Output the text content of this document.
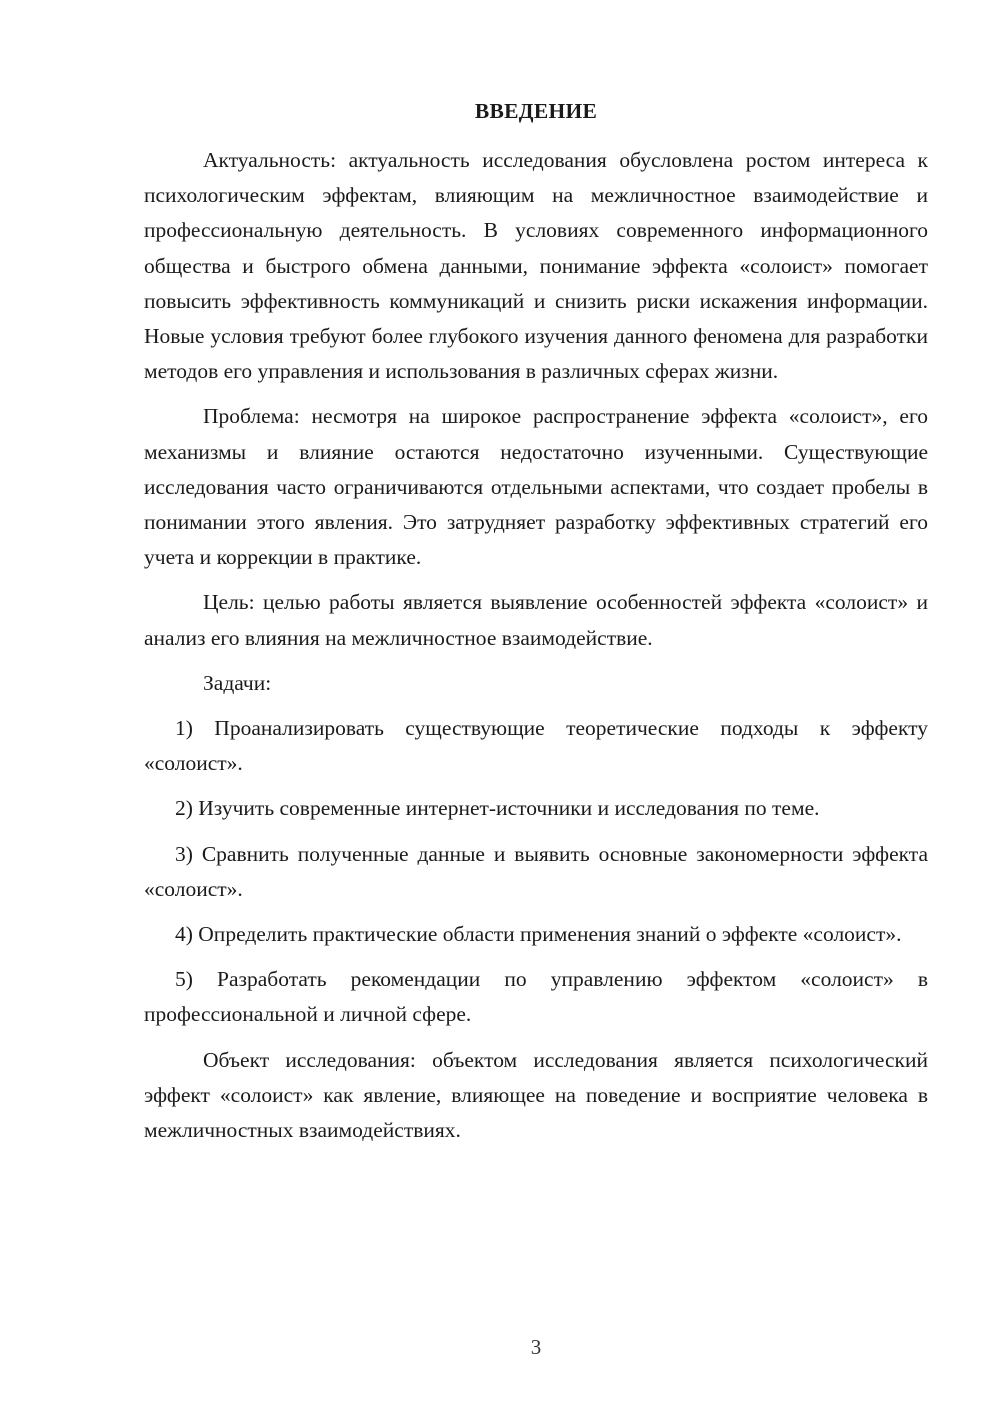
ВВЕДЕНИЕ

Актуальность: актуальность исследования обусловлена ростом интереса к психологическим эффектам, влияющим на межличностное взаимодействие и профессиональную деятельность. В условиях современного информационного общества и быстрого обмена данными, понимание эффекта «солоист» помогает повысить эффективность коммуникаций и снизить риски искажения информации. Новые условия требуют более глубокого изучения данного феномена для разработки методов его управления и использования в различных сферах жизни.

Проблема: несмотря на широкое распространение эффекта «солоист», его механизмы и влияние остаются недостаточно изученными. Существующие исследования часто ограничиваются отдельными аспектами, что создает пробелы в понимании этого явления. Это затрудняет разработку эффективных стратегий его учета и коррекции в практике.

Цель: целью работы является выявление особенностей эффекта «солоист» и анализ его влияния на межличностное взаимодействие.

Задачи:

1) Проанализировать существующие теоретические подходы к эффекту «солоист».

2) Изучить современные интернет-источники и исследования по теме.

3) Сравнить полученные данные и выявить основные закономерности эффекта «солоист».

4) Определить практические области применения знаний о эффекте «солоист».

5) Разработать рекомендации по управлению эффектом «солоист» в профессиональной и личной сфере.

Объект исследования: объектом исследования является психологический эффект «солоист» как явление, влияющее на поведение и восприятие человека в межличностных взаимодействиях.

3
